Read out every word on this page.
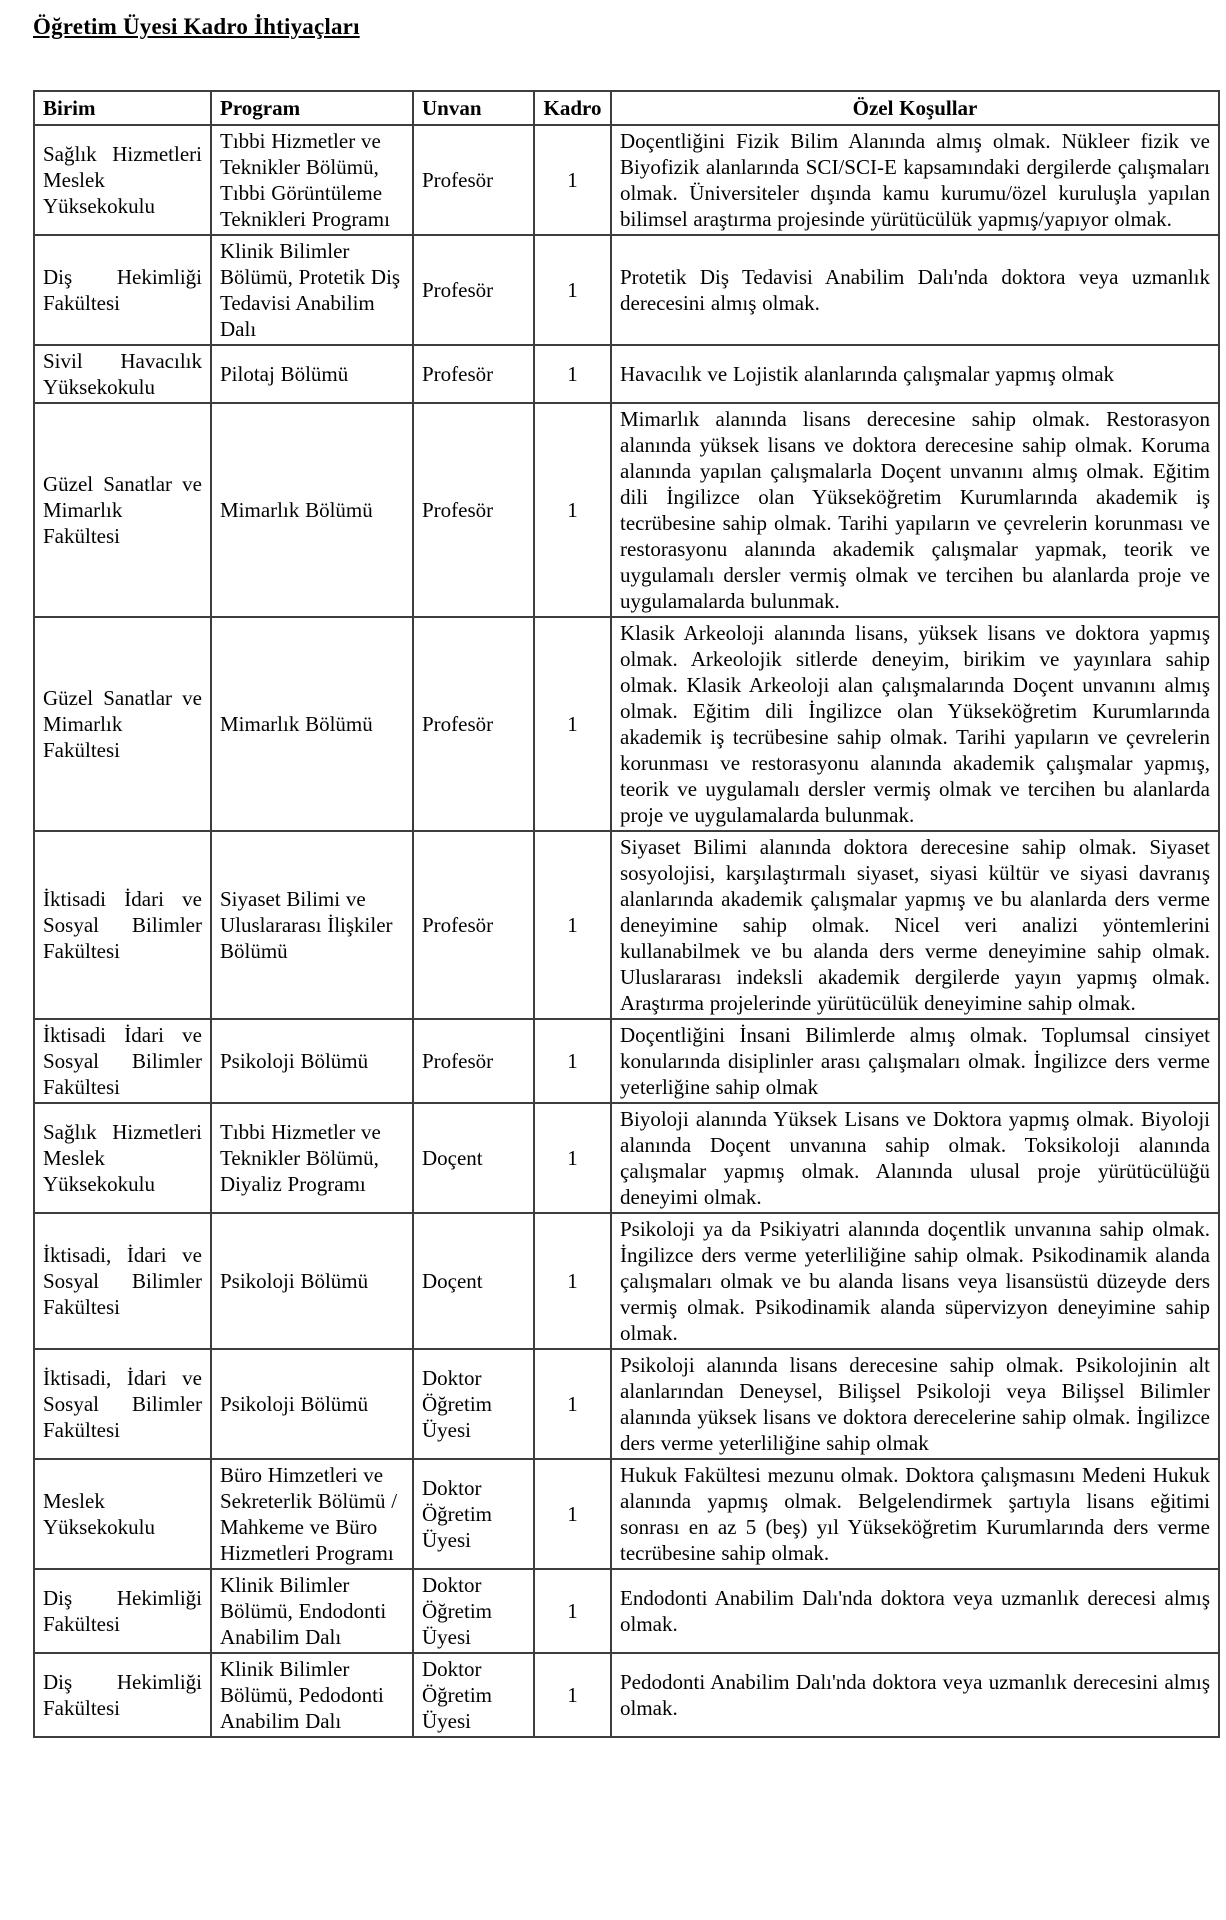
Öğretim Üyesi Kadro İhtiyaçları
Birim	Program	Unvan	Kadro	Özel Koşullar
Sağlık Hizmetleri Meslek Yüksekokulu	Tıbbi Hizmetler ve Teknikler Bölümü, Tıbbi Görüntüleme Teknikleri Programı	Profesör	1	Doçentliğini Fizik Bilim Alanında almış olmak. Nükleer fizik ve Biyofizik alanlarında SCI/SCI-E kapsamındaki dergilerde çalışmaları olmak. Üniversiteler dışında kamu kurumu/özel kuruluşla yapılan bilimsel araştırma projesinde yürütücülük yapmış/yapıyor olmak.
Diş Hekimliği Fakültesi	Klinik Bilimler Bölümü, Protetik Diş Tedavisi Anabilim Dalı	Profesör	1	Protetik Diş Tedavisi Anabilim Dalı'nda doktora veya uzmanlık derecesini almış olmak.
Sivil Havacılık Yüksekokulu	Pilotaj Bölümü	Profesör	1	Havacılık ve Lojistik alanlarında çalışmalar yapmış olmak
Güzel Sanatlar ve Mimarlık Fakültesi	Mimarlık Bölümü	Profesör	1	Mimarlık alanında lisans derecesine sahip olmak. Restorasyon alanında yüksek lisans ve doktora derecesine sahip olmak. Koruma alanında yapılan çalışmalarla Doçent unvanını almış olmak. Eğitim dili İngilizce olan Yükseköğretim Kurumlarında akademik iş tecrübesine sahip olmak. Tarihi yapıların ve çevrelerin korunması ve restorasyonu alanında akademik çalışmalar yapmak, teorik ve uygulamalı dersler vermiş olmak ve tercihen bu alanlarda proje ve uygulamalarda bulunmak.
Güzel Sanatlar ve Mimarlık Fakültesi	Mimarlık Bölümü	Profesör	1	Klasik Arkeoloji alanında lisans, yüksek lisans ve doktora yapmış olmak. Arkeolojik sitlerde deneyim, birikim ve yayınlara sahip olmak. Klasik Arkeoloji alan çalışmalarında Doçent unvanını almış olmak. Eğitim dili İngilizce olan Yükseköğretim Kurumlarında akademik iş tecrübesine sahip olmak. Tarihi yapıların ve çevrelerin korunması ve restorasyonu alanında akademik çalışmalar yapmış, teorik ve uygulamalı dersler vermiş olmak ve tercihen bu alanlarda proje ve uygulamalarda bulunmak.
İktisadi İdari ve Sosyal Bilimler Fakültesi	Siyaset Bilimi ve Uluslararası İlişkiler Bölümü	Profesör	1	Siyaset Bilimi alanında doktora derecesine sahip olmak. Siyaset sosyolojisi, karşılaştırmalı siyaset, siyasi kültür ve siyasi davranış alanlarında akademik çalışmalar yapmış ve bu alanlarda ders verme deneyimine sahip olmak. Nicel veri analizi yöntemlerini kullanabilmek ve bu alanda ders verme deneyimine sahip olmak. Uluslararası indeksli akademik dergilerde yayın yapmış olmak. Araştırma projelerinde yürütücülük deneyimine sahip olmak.
İktisadi İdari ve Sosyal Bilimler Fakültesi	Psikoloji Bölümü	Profesör	1	Doçentliğini İnsani Bilimlerde almış olmak. Toplumsal cinsiyet konularında disiplinler arası çalışmaları olmak. İngilizce ders verme yeterliğine sahip olmak
Sağlık Hizmetleri Meslek Yüksekokulu	Tıbbi Hizmetler ve Teknikler Bölümü, Diyaliz Programı	Doçent	1	Biyoloji alanında Yüksek Lisans ve Doktora yapmış olmak. Biyoloji alanında Doçent unvanına sahip olmak. Toksikoloji alanında çalışmalar yapmış olmak. Alanında ulusal proje yürütücülüğü deneyimi olmak.
İktisadi, İdari ve Sosyal Bilimler Fakültesi	Psikoloji Bölümü	Doçent	1	Psikoloji ya da Psikiyatri alanında doçentlik unvanına sahip olmak. İngilizce ders verme yeterliliğine sahip olmak. Psikodinamik alanda çalışmaları olmak ve bu alanda lisans veya lisansüstü düzeyde ders vermiş olmak. Psikodinamik alanda süpervizyon deneyimine sahip olmak.
İktisadi, İdari ve Sosyal Bilimler Fakültesi	Psikoloji Bölümü	Doktor Öğretim Üyesi	1	Psikoloji alanında lisans derecesine sahip olmak. Psikolojinin alt alanlarından Deneysel, Bilişsel Psikoloji veya Bilişsel Bilimler alanında yüksek lisans ve doktora derecelerine sahip olmak. İngilizce ders verme yeterliliğine sahip olmak
Meslek Yüksekokulu	Büro Himzetleri ve Sekreterlik Bölümü / Mahkeme ve Büro Hizmetleri Programı	Doktor Öğretim Üyesi	1	Hukuk Fakültesi mezunu olmak. Doktora çalışmasını Medeni Hukuk alanında yapmış olmak. Belgelendirmek şartıyla lisans eğitimi sonrası en az 5 (beş) yıl Yükseköğretim Kurumlarında ders verme tecrübesine sahip olmak.
Diş Hekimliği Fakültesi	Klinik Bilimler Bölümü, Endodonti Anabilim Dalı	Doktor Öğretim Üyesi	1	Endodonti Anabilim Dalı'nda doktora veya uzmanlık derecesi almış olmak.
Diş Hekimliği Fakültesi	Klinik Bilimler Bölümü, Pedodonti Anabilim Dalı	Doktor Öğretim Üyesi	1	Pedodonti Anabilim Dalı'nda doktora veya uzmanlık derecesini almış olmak.
